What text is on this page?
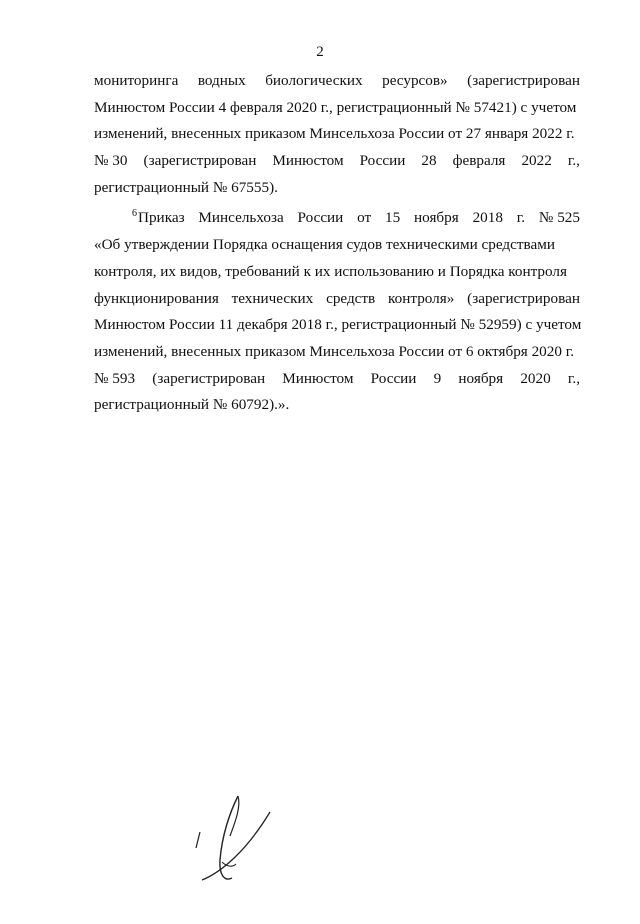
2
мониторинга водных биологических ресурсов» (зарегистрирован
Минюстом России 4 февраля 2020 г., регистрационный № 57421) с учетом
изменений, внесенных приказом Минсельхоза России от 27 января 2022 г.
№ 30 (зарегистрирован Минюстом России 28 февраля 2022 г.,
регистрационный № 67555).
$^6$Приказ Минсельхоза России от 15 ноября 2018 г. № 525
«Об утверждении Порядка оснащения судов техническими средствами
контроля, их видов, требований к их использованию и Порядка контроля
функционирования технических средств контроля» (зарегистрирован
Минюстом России 11 декабря 2018 г., регистрационный № 52959) с учетом
изменений, внесенных приказом Минсельхоза России от 6 октября 2020 г.
№ 593 (зарегистрирован Минюстом России 9 ноября 2020 г.,
регистрационный № 60792).».
